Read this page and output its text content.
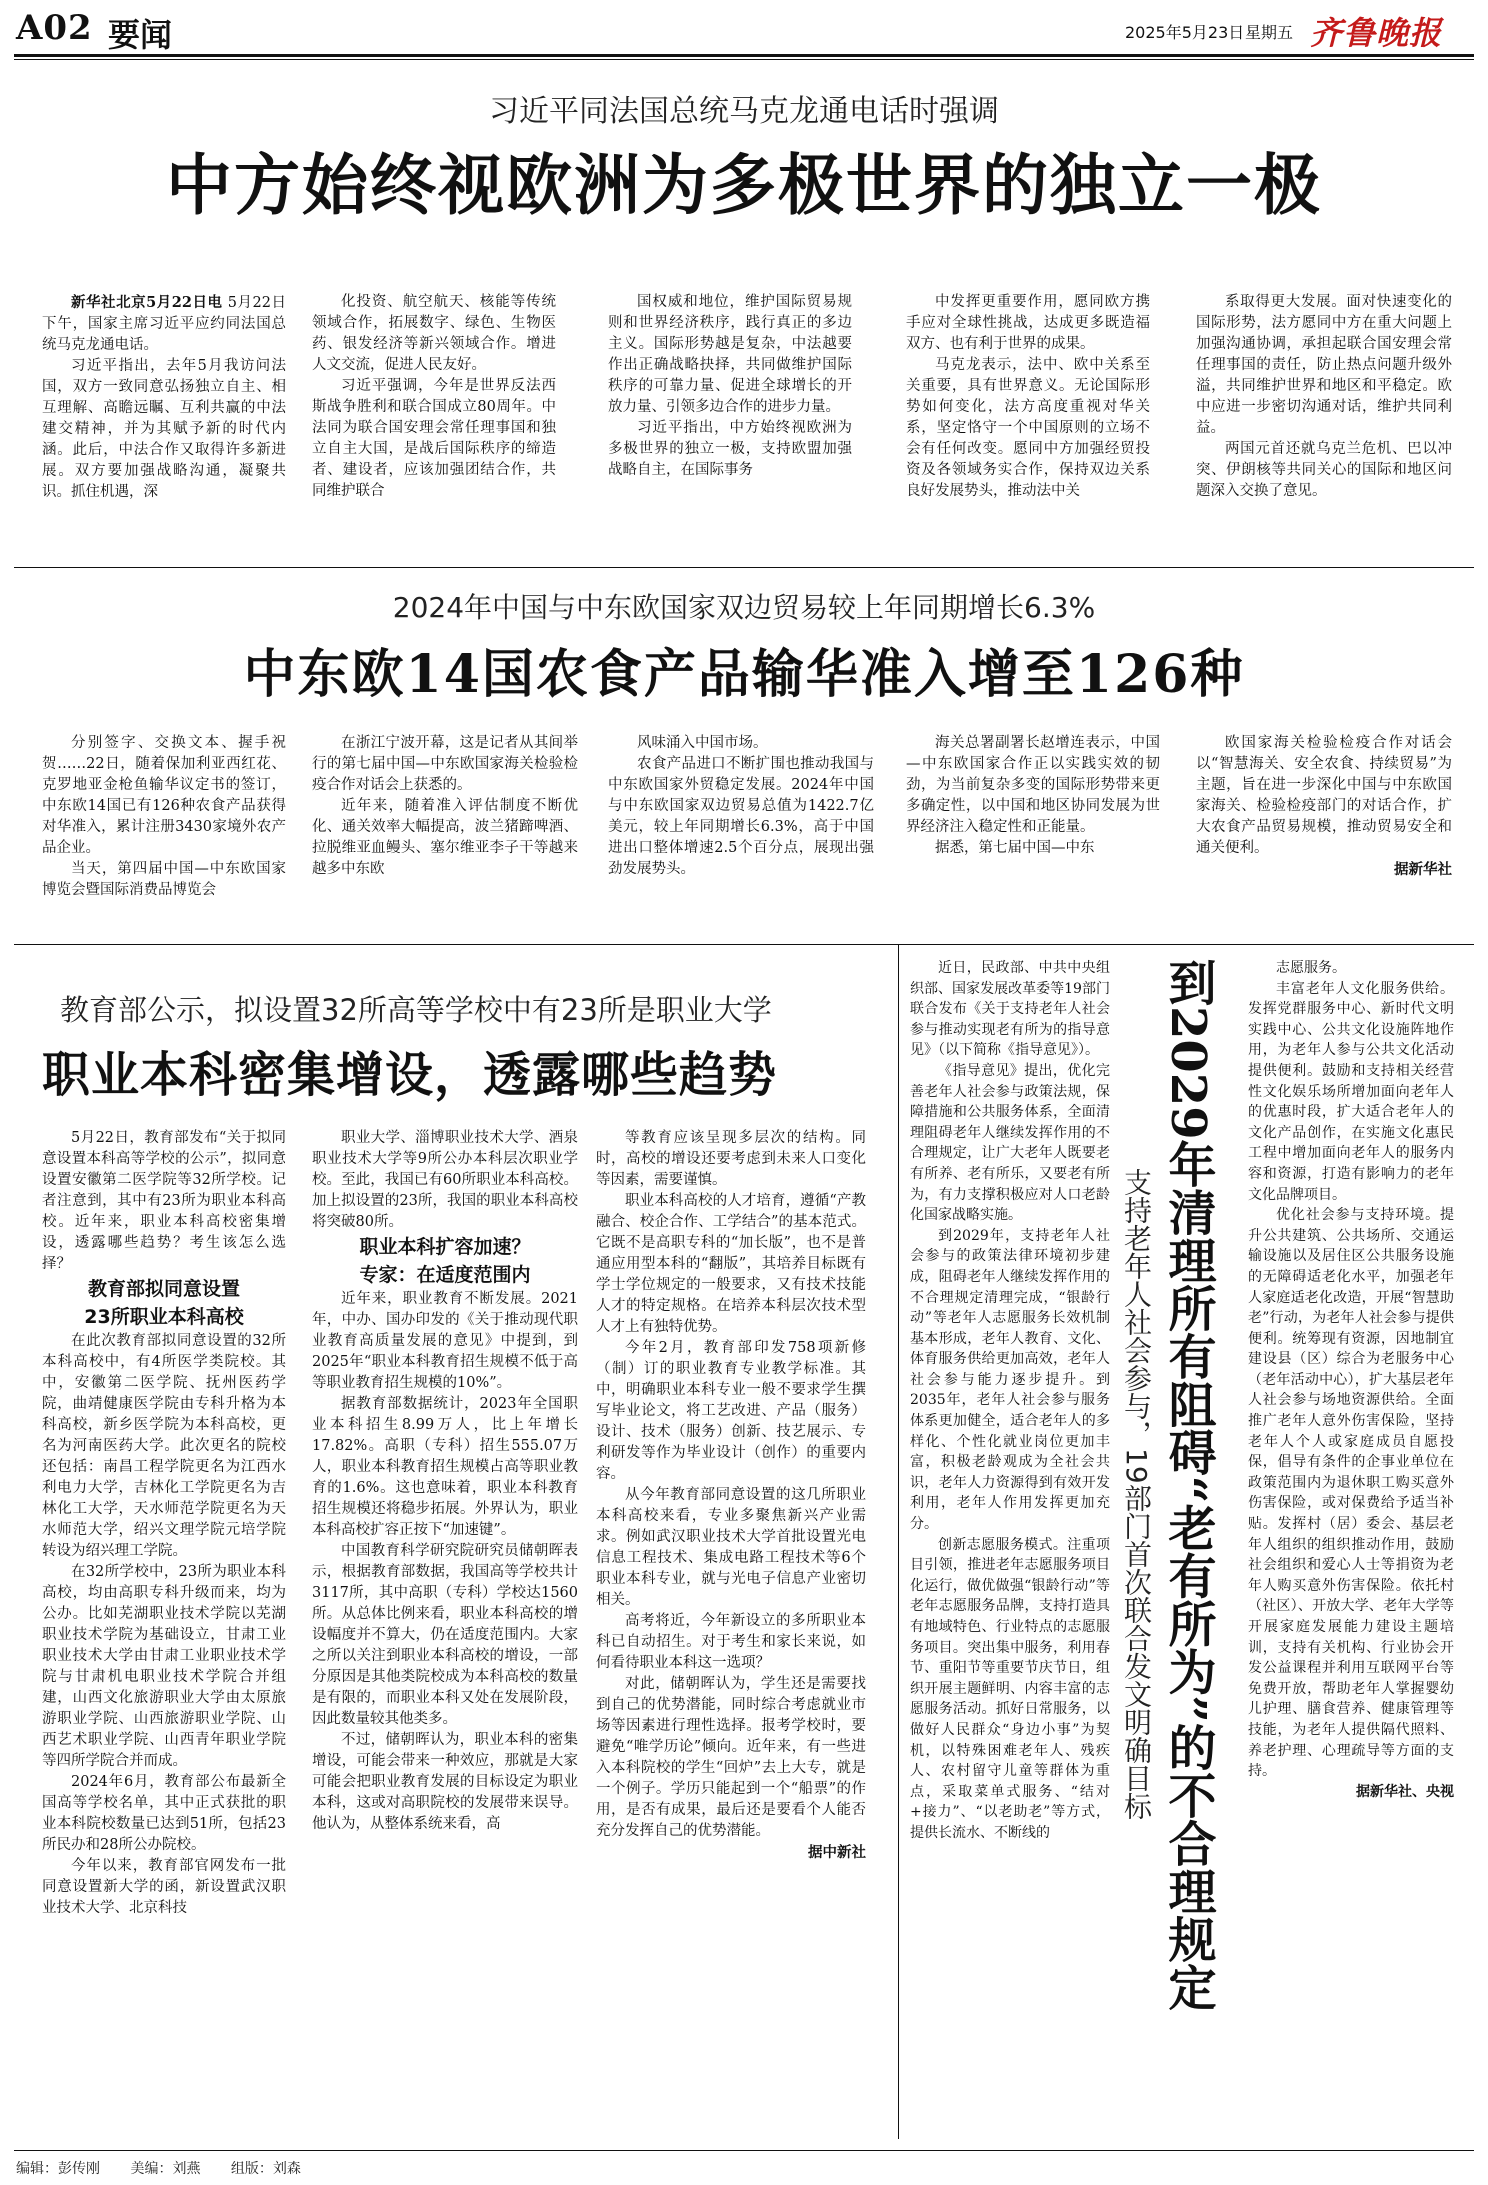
A02 要闻	2025年5月23日 星期五 齐鲁晚报
习近平同法国总统马克龙通电话时强调
中方始终视欧洲为多极世界的独立一极

新华社北京5月22日电 5月22日下午，国家主席习近平应约同法国总统马克龙通电话。

习近平指出，去年5月我访问法国，双方一致同意弘扬独立自主、相互理解、高瞻远瞩、互利共赢的中法建交精神，并为其赋予新的时代内涵。此后，中法合作又取得许多新进展。双方要加强战略沟通，凝聚共识。抓住机遇，深

化投资、航空航天、核能等传统领域合作，拓展数字、绿色、生物医药、银发经济等新兴领域合作。增进人文交流，促进人民友好。

习近平强调，今年是世界反法西斯战争胜利和联合国成立80周年。中法同为联合国安理会常任理事国和独立自主大国，是战后国际秩序的缔造者、建设者，应该加强团结合作，共同维护联合

国权威和地位，维护国际贸易规则和世界经济秩序，践行真正的多边主义。国际形势越是复杂，中法越要作出正确战略抉择，共同做维护国际秩序的可靠力量、促进全球增长的开放力量、引领多边合作的进步力量。

习近平指出，中方始终视欧洲为多极世界的独立一极，支持欧盟加强战略自主，在国际事务

中发挥更重要作用，愿同欧方携手应对全球性挑战，达成更多既造福双方、也有利于世界的成果。

马克龙表示，法中、欧中关系至关重要，具有世界意义。无论国际形势如何变化，法方高度重视对华关系，坚定恪守一个中国原则的立场不会有任何改变。愿同中方加强经贸投资及各领域务实合作，保持双边关系良好发展势头，推动法中关

系取得更大发展。面对快速变化的国际形势，法方愿同中方在重大问题上加强沟通协调，承担起联合国安理会常任理事国的责任，防止热点问题升级外溢，共同维护世界和地区和平稳定。欧中应进一步密切沟通对话，维护共同利益。

两国元首还就乌克兰危机、巴以冲突、伊朗核等共同关心的国际和地区问题深入交换了意见。

2024年中国与中东欧国家双边贸易较上年同期增长6.3%
中东欧14国农食产品输华准入增至126种

分别签字、交换文本、握手祝贺……22日，随着保加利亚西红花、克罗地亚金枪鱼输华议定书的签订，中东欧14国已有126种农食产品获得对华准入，累计注册3430家境外农产品企业。

当天，第四届中国—中东欧国家博览会暨国际消费品博览会

在浙江宁波开幕，这是记者从其间举行的第七届中国—中东欧国家海关检验检疫合作对话会上获悉的。

近年来，随着准入评估制度不断优化、通关效率大幅提高，波兰猪蹄啤酒、拉脱维亚血鳗头、塞尔维亚李子干等越来越多中东欧

风味涌入中国市场。

农食产品进口不断扩围也推动我国与中东欧国家外贸稳定发展。2024年中国与中东欧国家双边贸易总值为1422.7亿美元，较上年同期增长6.3%，高于中国进出口整体增速2.5个百分点，展现出强劲发展势头。

海关总署副署长赵增连表示，中国—中东欧国家合作正以实践实效的韧劲，为当前复杂多变的国际形势带来更多确定性，以中国和地区协同发展为世界经济注入稳定性和正能量。

据悉，第七届中国—中东

欧国家海关检验检疫合作对话会以“智慧海关、安全农食、持续贸易”为主题，旨在进一步深化中国与中东欧国家海关、检验检疫部门的对话合作，扩大农食产品贸易规模，推动贸易安全和通关便利。

据新华社

教育部公示，拟设置32所高等学校中有23所是职业大学
职业本科密集增设，透露哪些趋势

5月22日，教育部发布“关于拟同意设置本科高等学校的公示”，拟同意设置安徽第二医学院等32所学校。记者注意到，其中有23所为职业本科高校。近年来，职业本科高校密集增设，透露哪些趋势？考生该怎么选择？

教育部拟同意设置
23所职业本科高校

在此次教育部拟同意设置的32所本科高校中，有4所医学类院校。其中，安徽第二医学院、抚州医药学院，曲靖健康医学院由专科升格为本科高校，新乡医学院为本科高校，更名为河南医药大学。此次更名的院校还包括：南昌工程学院更名为江西水利电力大学，吉林化工学院更名为吉林化工大学，天水师范学院更名为天水师范大学，绍兴文理学院元培学院转设为绍兴理工学院。

在32所学校中，23所为职业本科高校，均由高职专科升级而来，均为公办。比如芜湖职业技术学院以芜湖职业技术学院为基础设立，甘肃工业职业技术大学由甘肃工业职业技术学院与甘肃机电职业技术学院合并组建，山西文化旅游职业大学由太原旅游职业学院、山西旅游职业学院、山西艺术职业学院、山西青年职业学院等四所学院合并而成。

2024年6月，教育部公布最新全国高等学校名单，其中正式获批的职业本科院校数量已达到51所，包括23所民办和28所公办院校。

今年以来，教育部官网发布一批同意设置新大学的函，新设置武汉职业技术大学、北京科技

职业大学、淄博职业技术大学、酒泉职业技术大学等9所公办本科层次职业学校。至此，我国已有60所职业本科高校。加上拟设置的23所，我国的职业本科高校将突破80所。

职业本科扩容加速？
专家：在适度范围内

近年来，职业教育不断发展。2021年，中办、国办印发的《关于推动现代职业教育高质量发展的意见》中提到，到2025年“职业本科教育招生规模不低于高等职业教育招生规模的10%”。

据教育部数据统计，2023年全国职业本科招生8.99万人，比上年增长17.82%。高职（专科）招生555.07万人，职业本科教育招生规模占高等职业教育的1.6%。这也意味着，职业本科教育招生规模还将稳步拓展。外界认为，职业本科高校扩容正按下“加速键”。

中国教育科学研究院研究员储朝晖表示，根据教育部数据，我国高等学校共计3117所，其中高职（专科）学校达1560所。从总体比例来看，职业本科高校的增设幅度并不算大，仍在适度范围内。大家之所以关注到职业本科高校的增设，一部分原因是其他类院校成为本科高校的数量是有限的，而职业本科又处在发展阶段，因此数量较其他类多。

不过，储朝晖认为，职业本科的密集增设，可能会带来一种效应，那就是大家可能会把职业教育发展的目标设定为职业本科，这或对高职院校的发展带来误导。他认为，从整体系统来看，高

等教育应该呈现多层次的结构。同时，高校的增设还要考虑到未来人口变化等因素，需要谨慎。

职业本科高校的人才培育，遵循“产教融合、校企合作、工学结合”的基本范式。它既不是高职专科的“加长版”，也不是普通应用型本科的“翻版”，其培养目标既有学士学位规定的一般要求，又有技术技能人才的特定规格。在培养本科层次技术型人才上有独特优势。

今年2月，教育部印发758项新修（制）订的职业教育专业教学标准。其中，明确职业本科专业一般不要求学生撰写毕业论文，将工艺改进、产品（服务）设计、技术（服务）创新、技艺展示、专利研发等作为毕业设计（创作）的重要内容。

从今年教育部同意设置的这几所职业本科高校来看，专业多聚焦新兴产业需求。例如武汉职业技术大学首批设置光电信息工程技术、集成电路工程技术等6个职业本科专业，就与光电子信息产业密切相关。

高考将近，今年新设立的多所职业本科已自动招生。对于考生和家长来说，如何看待职业本科这一选项？

对此，储朝晖认为，学生还是需要找到自己的优势潜能，同时综合考虑就业市场等因素进行理性选择。报考学校时，要避免“唯学历论”倾向。近年来，有一些进入本科院校的学生“回炉”去上大专，就是一个例子。学历只能起到一个“船票”的作用，是否有成果，最后还是要看个人能否充分发挥自己的优势潜能。

据中新社	到2029年清理所有阻碍“老有所为”的不合理规定
支持老年人社会参与，19部门首次联合发文明确目标

近日，民政部、中共中央组织部、国家发展改革委等19部门联合发布《关于支持老年人社会参与推动实现老有所为的指导意见》（以下简称《指导意见》）。

《指导意见》提出，优化完善老年人社会参与政策法规，保障措施和公共服务体系，全面清理阻碍老年人继续发挥作用的不合理规定，让广大老年人既要老有所养、老有所乐，又要老有所为，有力支撑积极应对人口老龄化国家战略实施。

到2029年，支持老年人社会参与的政策法律环境初步建成，阻碍老年人继续发挥作用的不合理规定清理完成，“银龄行动”等老年人志愿服务长效机制基本形成，老年人教育、文化、体育服务供给更加高效，老年人社会参与能力逐步提升。到2035年，老年人社会参与服务体系更加健全，适合老年人的多样化、个性化就业岗位更加丰富，积极老龄观成为全社会共识，老年人力资源得到有效开发利用，老年人作用发挥更加充分。

创新志愿服务模式。注重项目引领，推进老年志愿服务项目化运行，做优做强“银龄行动”等老年志愿服务品牌，支持打造具有地域特色、行业特点的志愿服务项目。突出集中服务，利用春节、重阳节等重要节庆节日，组织开展主题鲜明、内容丰富的志愿服务活动。抓好日常服务，以做好人民群众“身边小事”为契机，以特殊困难老年人、残疾人、农村留守儿童等群体为重点，采取菜单式服务、“结对+接力”、“以老助老”等方式，提供长流水、不断线的

志愿服务。

丰富老年人文化服务供给。发挥党群服务中心、新时代文明实践中心、公共文化设施阵地作用，为老年人参与公共文化活动提供便利。鼓励和支持相关经营性文化娱乐场所增加面向老年人的优惠时段，扩大适合老年人的文化产品创作，在实施文化惠民工程中增加面向老年人的服务内容和资源，打造有影响力的老年文化品牌项目。

优化社会参与支持环境。提升公共建筑、公共场所、交通运输设施以及居住区公共服务设施的无障碍适老化水平，加强老年人家庭适老化改造，开展“智慧助老”行动，为老年人社会参与提供便利。统筹现有资源，因地制宜建设县（区）综合为老服务中心（老年活动中心），扩大基层老年人社会参与场地资源供给。全面推广老年人意外伤害保险，坚持老年人个人或家庭成员自愿投保，倡导有条件的企事业单位在政策范围内为退休职工购买意外伤害保险，或对保费给予适当补贴。发挥村（居）委会、基层老年人组织的组织推动作用，鼓励社会组织和爱心人士等捐资为老年人购买意外伤害保险。依托村（社区）、开放大学、老年大学等开展家庭发展能力建设主题培训，支持有关机构、行业协会开发公益课程并利用互联网平台等免费开放，帮助老年人掌握婴幼儿护理、膳食营养、健康管理等技能，为老年人提供隔代照料、养老护理、心理疏导等方面的支持。

据新华社、央视

编辑：彭传刚 美编：刘燕 组版：刘森
